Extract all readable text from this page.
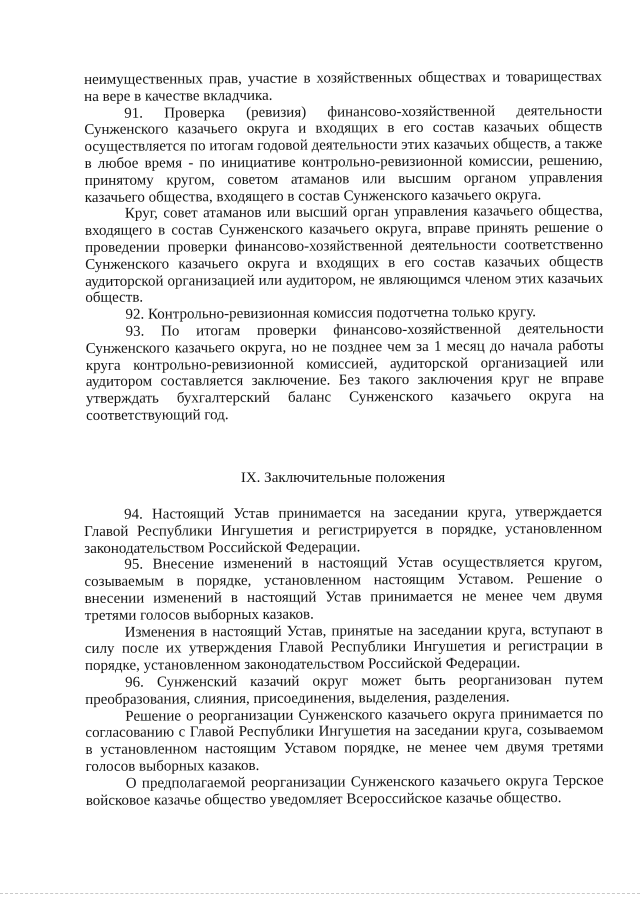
неимущественных прав, участие в хозяйственных обществах и товариществах на вере в качестве вкладчика.

91. Проверка (ревизия) финансово-хозяйственной деятельности Сунженского казачьего округа и входящих в его состав казачьих обществ осуществляется по итогам годовой деятельности этих казачьих обществ, а также в любое время - по инициативе контрольно-ревизионной комиссии, решению, принятому кругом, советом атаманов или высшим органом управления казачьего общества, входящего в состав Сунженского казачьего округа.

Круг, совет атаманов или высший орган управления казачьего общества, входящего в состав Сунженского казачьего округа, вправе принять решение о проведении проверки финансово-хозяйственной деятельности соответственно Сунженского казачьего округа и входящих в его состав казачьих обществ аудиторской организацией или аудитором, не являющимся членом этих казачьих обществ.

92. Контрольно-ревизионная комиссия подотчетна только кругу.

93. По итогам проверки финансово-хозяйственной деятельности Сунженского казачьего округа, но не позднее чем за 1 месяц до начала работы круга контрольно-ревизионной комиссией, аудиторской организацией или аудитором составляется заключение. Без такого заключения круг не вправе утверждать бухгалтерский баланс Сунженского казачьего округа на соответствующий год.

IX. Заключительные положения

94. Настоящий Устав принимается на заседании круга, утверждается Главой Республики Ингушетия и регистрируется в порядке, установленном законодательством Российской Федерации.

95. Внесение изменений в настоящий Устав осуществляется кругом, созываемым в порядке, установленном настоящим Уставом. Решение о внесении изменений в настоящий Устав принимается не менее чем двумя третями голосов выборных казаков.

Изменения в настоящий Устав, принятые на заседании круга, вступают в силу после их утверждения Главой Республики Ингушетия и регистрации в порядке, установленном законодательством Российской Федерации.

96. Сунженский казачий округ может быть реорганизован путем преобразования, слияния, присоединения, выделения, разделения.

Решение о реорганизации Сунженского казачьего округа принимается по согласованию с Главой Республики Ингушетия на заседании круга, созываемом в установленном настоящим Уставом порядке, не менее чем двумя третями голосов выборных казаков.

О предполагаемой реорганизации Сунженского казачьего округа Терское войсковое казачье общество уведомляет Всероссийское казачье общество.
